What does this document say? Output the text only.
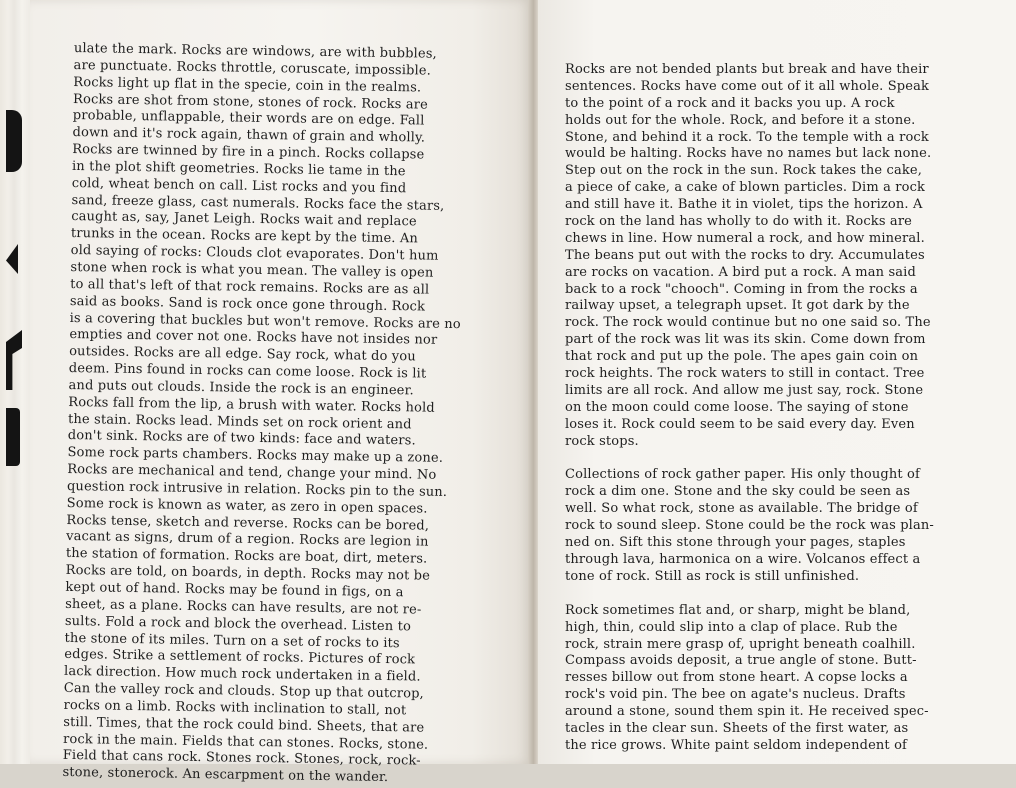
ulate the mark. Rocks are windows, are with bubbles,
are punctuate. Rocks throttle, coruscate, impossible.
Rocks light up flat in the specie, coin in the realms.
Rocks are shot from stone, stones of rock. Rocks are
probable, unflappable, their words are on edge. Fall
down and it's rock again, thawn of grain and wholly.
Rocks are twinned by fire in a pinch. Rocks collapse
in the plot shift geometries. Rocks lie tame in the
cold, wheat bench on call. List rocks and you find
sand, freeze glass, cast numerals. Rocks face the stars,
caught as, say, Janet Leigh. Rocks wait and replace
trunks in the ocean. Rocks are kept by the time. An
old saying of rocks: Clouds clot evaporates. Don't hum
stone when rock is what you mean. The valley is open
to all that's left of that rock remains. Rocks are as all
said as books. Sand is rock once gone through. Rock
is a covering that buckles but won't remove. Rocks are no
empties and cover not one. Rocks have not insides nor
outsides. Rocks are all edge. Say rock, what do you
deem. Pins found in rocks can come loose. Rock is lit
and puts out clouds. Inside the rock is an engineer.
Rocks fall from the lip, a brush with water. Rocks hold
the stain. Rocks lead. Minds set on rock orient and
don't sink. Rocks are of two kinds: face and waters.
Some rock parts chambers. Rocks may make up a zone.
Rocks are mechanical and tend, change your mind. No
question rock intrusive in relation. Rocks pin to the sun.
Some rock is known as water, as zero in open spaces.
Rocks tense, sketch and reverse. Rocks can be bored,
vacant as signs, drum of a region. Rocks are legion in
the station of formation. Rocks are boat, dirt, meters.
Rocks are told, on boards, in depth. Rocks may not be
kept out of hand. Rocks may be found in figs, on a
sheet, as a plane. Rocks can have results, are not re-
sults. Fold a rock and block the overhead. Listen to
the stone of its miles. Turn on a set of rocks to its
edges. Strike a settlement of rocks. Pictures of rock
lack direction. How much rock undertaken in a field.
Can the valley rock and clouds. Stop up that outcrop,
rocks on a limb. Rocks with inclination to stall, not
still. Times, that the rock could bind. Sheets, that are
rock in the main. Fields that can stones. Rocks, stone.
Field that cans rock. Stones rock. Stones, rock, rock-
stone, stonerock. An escarpment on the wander.
Rocks are not bended plants but break and have their
sentences. Rocks have come out of it all whole. Speak
to the point of a rock and it backs you up. A rock
holds out for the whole. Rock, and before it a stone.
Stone, and behind it a rock. To the temple with a rock
would be halting. Rocks have no names but lack none.
Step out on the rock in the sun. Rock takes the cake,
a piece of cake, a cake of blown particles. Dim a rock
and still have it. Bathe it in violet, tips the horizon. A
rock on the land has wholly to do with it. Rocks are
chews in line. How numeral a rock, and how mineral.
The beans put out with the rocks to dry. Accumulates
are rocks on vacation. A bird put a rock. A man said
back to a rock "chooch". Coming in from the rocks a
railway upset, a telegraph upset. It got dark by the
rock. The rock would continue but no one said so. The
part of the rock was lit was its skin. Come down from
that rock and put up the pole. The apes gain coin on
rock heights. The rock waters to still in contact. Tree
limits are all rock. And allow me just say, rock. Stone
on the moon could come loose. The saying of stone
loses it. Rock could seem to be said every day. Even
rock stops.
Collections of rock gather paper. His only thought of
rock a dim one. Stone and the sky could be seen as
well. So what rock, stone as available. The bridge of
rock to sound sleep. Stone could be the rock was plan-
ned on. Sift this stone through your pages, staples
through lava, harmonica on a wire. Volcanos effect a
tone of rock. Still as rock is still unfinished.
Rock sometimes flat and, or sharp, might be bland,
high, thin, could slip into a clap of place. Rub the
rock, strain mere grasp of, upright beneath coalhill.
Compass avoids deposit, a true angle of stone. Butt-
resses billow out from stone heart. A copse locks a
rock's void pin. The bee on agate's nucleus. Drafts
around a stone, sound them spin it. He received spec-
tacles in the clear sun. Sheets of the first water, as
the rice grows. White paint seldom independent of
